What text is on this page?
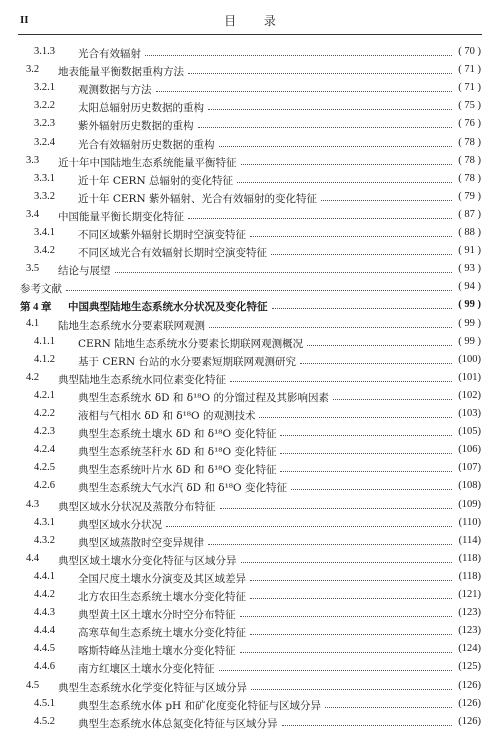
II	目 录
3.1.3 光合有效辐射	( 70 )
3.2 地表能量平衡数据重构方法	( 71 )
3.2.1 观测数据与方法	( 71 )
3.2.2 太阳总辐射历史数据的重构	( 75 )
3.2.3 紫外辐射历史数据的重构	( 76 )
3.2.4 光合有效辐射历史数据的重构	( 78 )
3.3 近十年中国陆地生态系统能量平衡特征	( 78 )
3.3.1 近十年 CERN 总辐射的变化特征	( 78 )
3.3.2 近十年 CERN 紫外辐射、光合有效辐射的变化特征	( 79 )
3.4 中国能量平衡长期变化特征	( 87 )
3.4.1 不同区域紫外辐射长期时空演变特征	( 88 )
3.4.2 不同区域光合有效辐射长期时空演变特征	( 91 )
3.5 结论与展望	( 93 )
参考文献	( 94 )
第 4 章 中国典型陆地生态系统水分状况及变化特征	( 99 )
4.1 陆地生态系统水分要素联网观测	( 99 )
4.1.1 CERN 陆地生态系统水分要素长期联网观测概况	( 99 )
4.1.2 基于 CERN 台站的水分要素短期联网观测研究	(100)
4.2 典型陆地生态系统水同位素变化特征	(101)
4.2.1 典型生态系统水 δD 和 δ¹⁸O 的分馏过程及其影响因素	(102)
4.2.2 液相与气相水 δD 和 δ¹⁸O 的观测技术	(103)
4.2.3 典型生态系统土壤水 δD 和 δ¹⁸O 变化特征	(105)
4.2.4 典型生态系统茎秆水 δD 和 δ¹⁸O 变化特征	(106)
4.2.5 典型生态系统叶片水 δD 和 δ¹⁸O 变化特征	(107)
4.2.6 典型生态系统大气水汽 δD 和 δ¹⁸O 变化特征	(108)
4.3 典型区域水分状况及蒸散分布特征	(109)
4.3.1 典型区域水分状况	(110)
4.3.2 典型区域蒸散时空变异规律	(114)
4.4 典型区域土壤水分变化特征与区域分异	(118)
4.4.1 全国尺度土壤水分演变及其区域差异	(118)
4.4.2 北方农田生态系统土壤水分变化特征	(121)
4.4.3 典型黄土区土壤水分时空分布特征	(123)
4.4.4 高寒草甸生态系统土壤水分变化特征	(123)
4.4.5 喀斯特峰丛洼地土壤水分变化特征	(124)
4.4.6 南方红壤区土壤水分变化特征	(125)
4.5 典型生态系统水化学变化特征与区域分异	(126)
4.5.1 典型生态系统水体 pH 和矿化度变化特征与区域分异	(126)
4.5.2 典型生态系统水体总氮变化特征与区域分异	(126)
